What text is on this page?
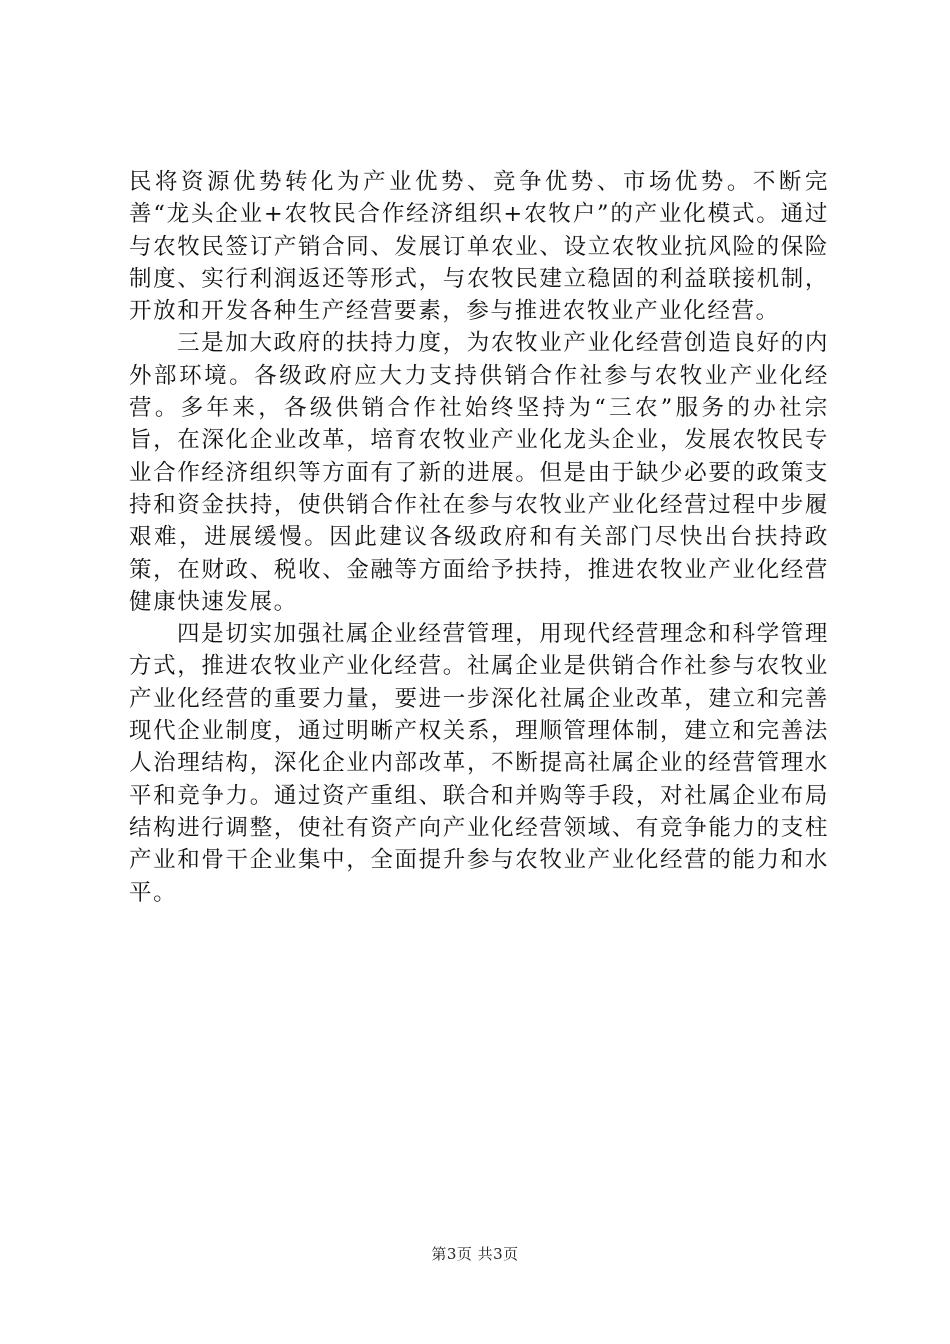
民将资源优势转化为产业优势、竞争优势、市场优势。不断完善“龙头企业+农牧民合作经济组织+农牧户”的产业化模式。通过与农牧民签订产销合同、发展订单农业、设立农牧业抗风险的保险制度、实行利润返还等形式，与农牧民建立稳固的利益联接机制，开放和开发各种生产经营要素，参与推进农牧业产业化经营。

三是加大政府的扶持力度，为农牧业产业化经营创造良好的内外部环境。各级政府应大力支持供销合作社参与农牧业产业化经营。多年来，各级供销合作社始终坚持为“三农”服务的办社宗旨，在深化企业改革，培育农牧业产业化龙头企业，发展农牧民专业合作经济组织等方面有了新的进展。但是由于缺少必要的政策支持和资金扶持，使供销合作社在参与农牧业产业化经营过程中步履艰难，进展缓慢。因此建议各级政府和有关部门尽快出台扶持政策，在财政、税收、金融等方面给予扶持，推进农牧业产业化经营健康快速发展。

四是切实加强社属企业经营管理，用现代经营理念和科学管理方式，推进农牧业产业化经营。社属企业是供销合作社参与农牧业产业化经营的重要力量，要进一步深化社属企业改革，建立和完善现代企业制度，通过明晰产权关系，理顺管理体制，建立和完善法人治理结构，深化企业内部改革，不断提高社属企业的经营管理水平和竞争力。通过资产重组、联合和并购等手段，对社属企业布局结构进行调整，使社有资产向产业化经营领域、有竞争能力的支柱产业和骨干企业集中，全面提升参与农牧业产业化经营的能力和水平。

第3页 共3页
